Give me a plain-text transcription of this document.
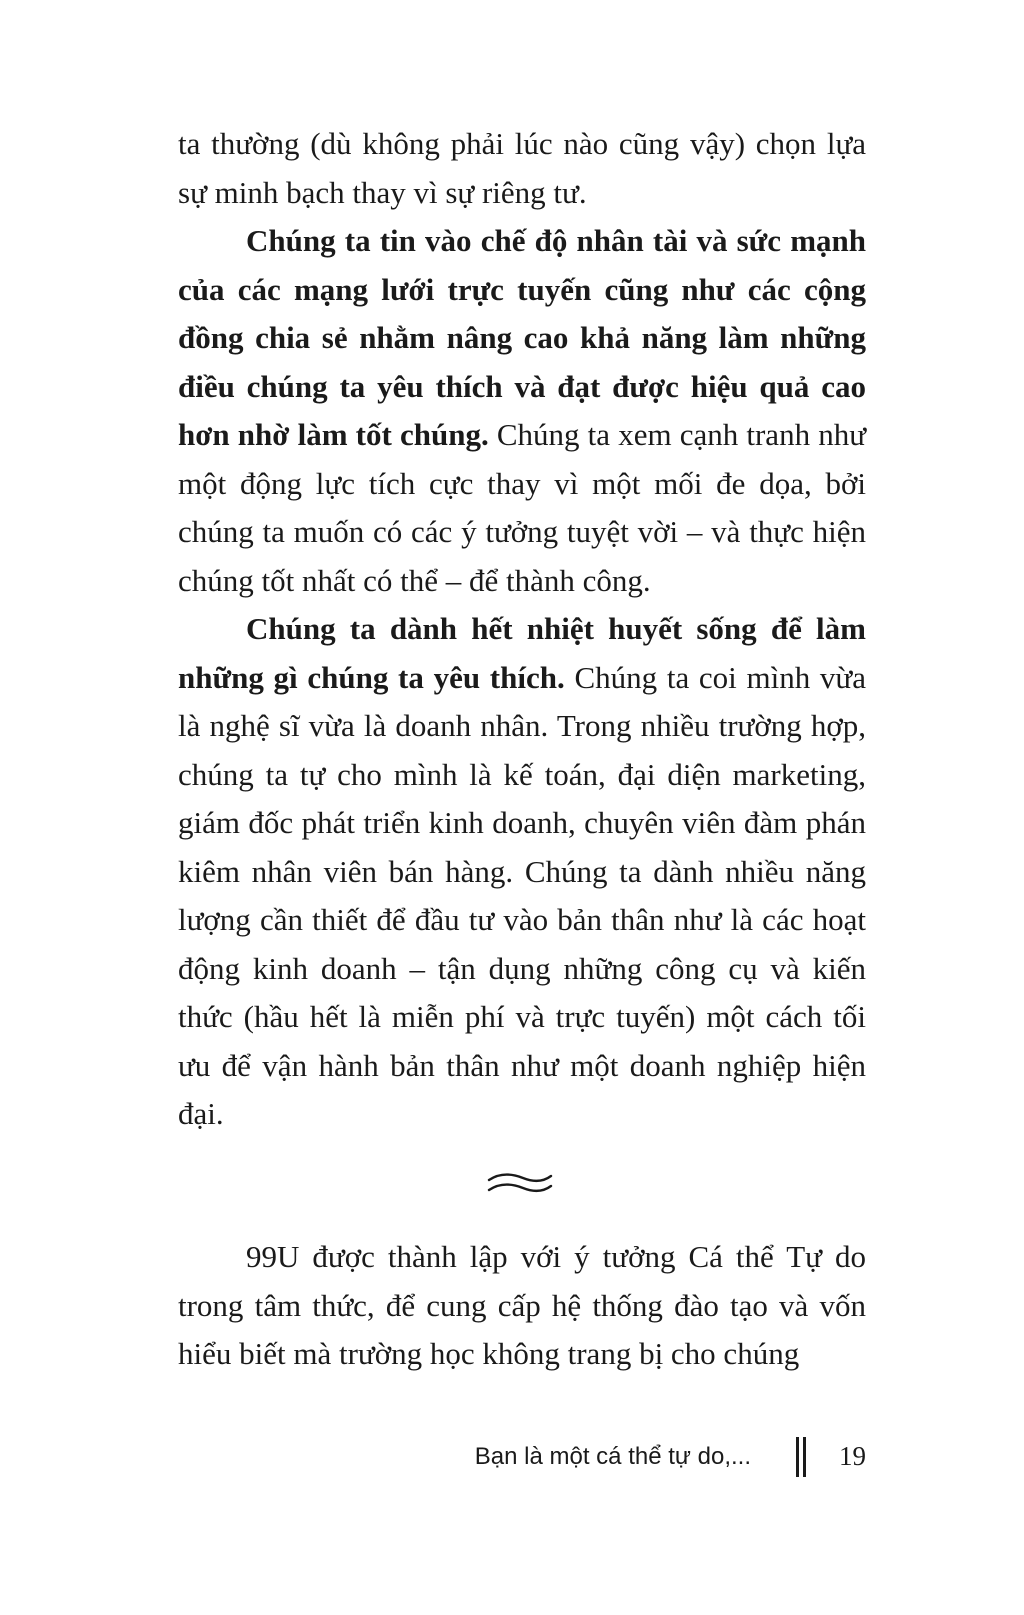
ta thường (dù không phải lúc nào cũng vậy) chọn lựa sự minh bạch thay vì sự riêng tư.

Chúng ta tin vào chế độ nhân tài và sức mạnh của các mạng lưới trực tuyến cũng như các cộng đồng chia sẻ nhằm nâng cao khả năng làm những điều chúng ta yêu thích và đạt được hiệu quả cao hơn nhờ làm tốt chúng. Chúng ta xem cạnh tranh như một động lực tích cực thay vì một mối đe dọa, bởi chúng ta muốn có các ý tưởng tuyệt vời – và thực hiện chúng tốt nhất có thể – để thành công.

Chúng ta dành hết nhiệt huyết sống để làm những gì chúng ta yêu thích. Chúng ta coi mình vừa là nghệ sĩ vừa là doanh nhân. Trong nhiều trường hợp, chúng ta tự cho mình là kế toán, đại diện marketing, giám đốc phát triển kinh doanh, chuyên viên đàm phán kiêm nhân viên bán hàng. Chúng ta dành nhiều năng lượng cần thiết để đầu tư vào bản thân như là các hoạt động kinh doanh – tận dụng những công cụ và kiến thức (hầu hết là miễn phí và trực tuyến) một cách tối ưu để vận hành bản thân như một doanh nghiệp hiện đại.

99U được thành lập với ý tưởng Cá thể Tự do trong tâm thức, để cung cấp hệ thống đào tạo và vốn hiểu biết mà trường học không trang bị cho chúng

Bạn là một cá thể tự do,...	19
